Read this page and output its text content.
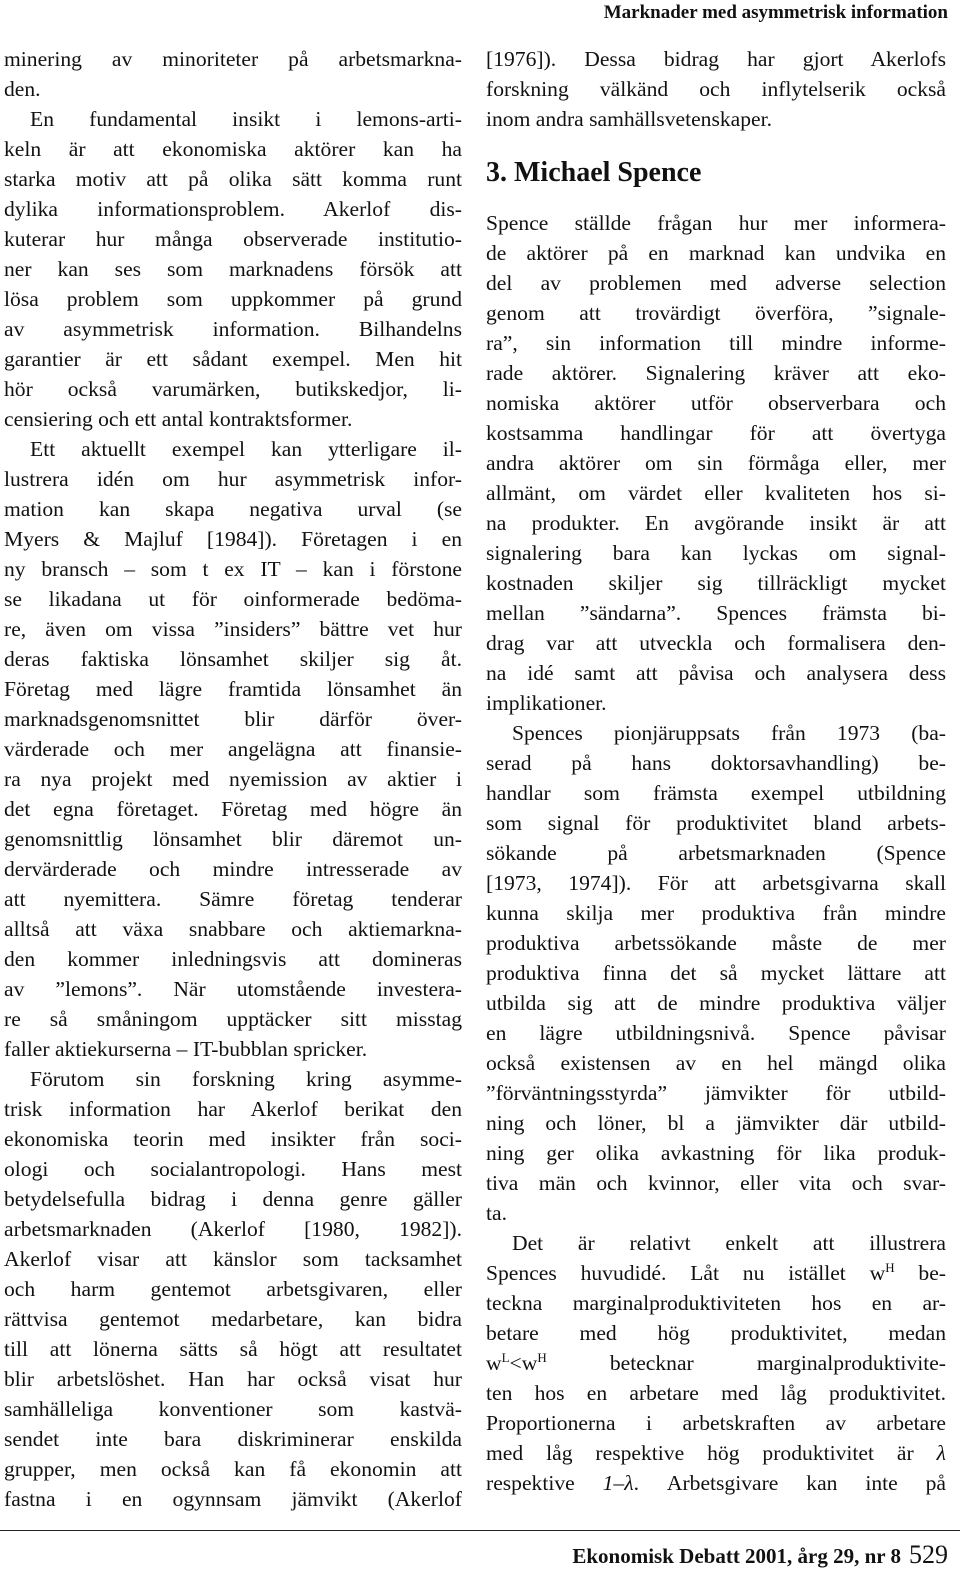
Marknader med asymmetrisk information
minering av minoriteter på arbetsmarkna-
den.
En fundamental insikt i lemons-arti-
keln är att ekonomiska aktörer kan ha
starka motiv att på olika sätt komma runt
dylika informationsproblem. Akerlof dis-
kuterar hur många observerade institutio-
ner kan ses som marknadens försök att
lösa problem som uppkommer på grund
av asymmetrisk information. Bilhandelns
garantier är ett sådant exempel. Men hit
hör också varumärken, butikskedjor, li-
censiering och ett antal kontraktsformer.
Ett aktuellt exempel kan ytterligare il-
lustrera idén om hur asymmetrisk infor-
mation kan skapa negativa urval (se
Myers & Majluf [1984]). Företagen i en
ny bransch – som t ex IT – kan i förstone
se likadana ut för oinformerade bedöma-
re, även om vissa ”insiders” bättre vet hur
deras faktiska lönsamhet skiljer sig åt.
Företag med lägre framtida lönsamhet än
marknadsgenomsnittet blir därför över-
värderade och mer angelägna att finansie-
ra nya projekt med nyemission av aktier i
det egna företaget. Företag med högre än
genomsnittlig lönsamhet blir däremot un-
dervärderade och mindre intresserade av
att nyemittera. Sämre företag tenderar
alltså att växa snabbare och aktiemarkna-
den kommer inledningsvis att domineras
av ”lemons”. När utomstående investera-
re så småningom upptäcker sitt misstag
faller aktiekurserna – IT-bubblan spricker.
Förutom sin forskning kring asymme-
trisk information har Akerlof berikat den
ekonomiska teorin med insikter från soci-
ologi och socialantropologi. Hans mest
betydelsefulla bidrag i denna genre gäller
arbetsmarknaden (Akerlof [1980, 1982]).
Akerlof visar att känslor som tacksamhet
och harm gentemot arbetsgivaren, eller
rättvisa gentemot medarbetare, kan bidra
till att lönerna sätts så högt att resultatet
blir arbetslöshet. Han har också visat hur
samhälleliga konventioner som kastvä-
sendet inte bara diskriminerar enskilda
grupper, men också kan få ekonomin att
fastna i en ogynnsam jämvikt (Akerlof
[1976]). Dessa bidrag har gjort Akerlofs
forskning välkänd och inflytelserik också
inom andra samhällsvetenskaper.
3. Michael Spence
Spence ställde frågan hur mer informera-
de aktörer på en marknad kan undvika en
del av problemen med adverse selection
genom att trovärdigt överföra, ”signale-
ra”, sin information till mindre informe-
rade aktörer. Signalering kräver att eko-
nomiska aktörer utför observerbara och
kostsamma handlingar för att övertyga
andra aktörer om sin förmåga eller, mer
allmänt, om värdet eller kvaliteten hos si-
na produkter. En avgörande insikt är att
signalering bara kan lyckas om signal-
kostnaden skiljer sig tillräckligt mycket
mellan ”sändarna”. Spences främsta bi-
drag var att utveckla och formalisera den-
na idé samt att påvisa och analysera dess
implikationer.
Spences pionjäruppsats från 1973 (ba-
serad på hans doktorsavhandling) be-
handlar som främsta exempel utbildning
som signal för produktivitet bland arbets-
sökande på arbetsmarknaden (Spence
[1973, 1974]). För att arbetsgivarna skall
kunna skilja mer produktiva från mindre
produktiva arbetssökande måste de mer
produktiva finna det så mycket lättare att
utbilda sig att de mindre produktiva väljer
en lägre utbildningsnivå. Spence påvisar
också existensen av en hel mängd olika
”förväntningsstyrda” jämvikter för utbild-
ning och löner, bl a jämvikter där utbild-
ning ger olika avkastning för lika produk-
tiva män och kvinnor, eller vita och svar-
ta.
Det är relativt enkelt att illustrera
Spences huvudidé. Låt nu istället $w^H$ be-
teckna marginalproduktiviteten hos en ar-
betare med hög produktivitet, medan
$w^L<w^H$ betecknar marginalproduktivite-
ten hos en arbetare med låg produktivitet.
Proportionerna i arbetskraften av arbetare
med låg respektive hög produktivitet är λ
respektive 1–λ. Arbetsgivare kan inte på
Ekonomisk Debatt 2001, årg 29, nr 8 529
